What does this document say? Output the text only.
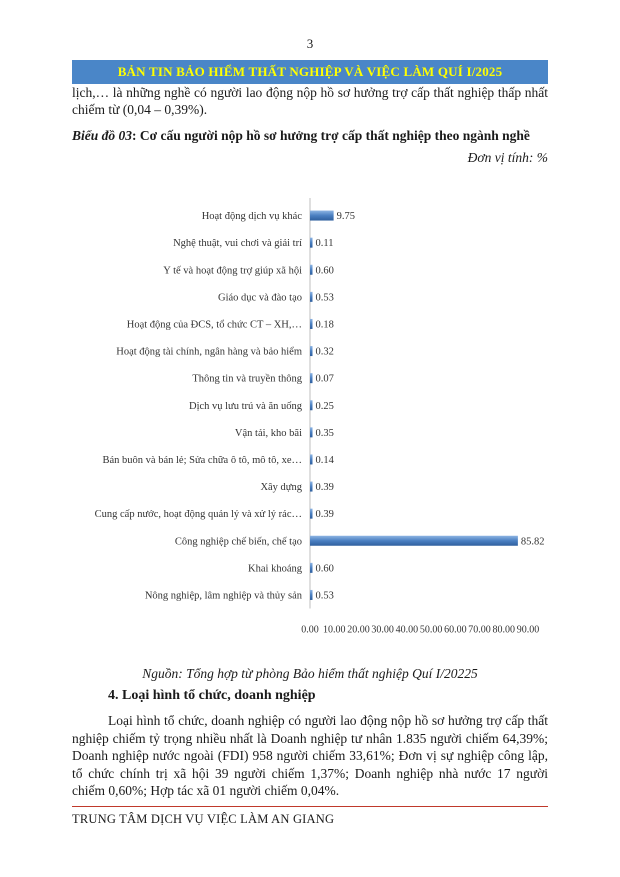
3
BẢN TIN BẢO HIỂM THẤT NGHIỆP VÀ VIỆC LÀM QUÍ I/2025
lịch,… là những nghề có người lao động nộp hồ sơ hưởng trợ cấp thất nghiệp thấp nhất chiếm từ (0,04 – 0,39%).
Biểu đồ 03: Cơ cấu người nộp hồ sơ hưởng trợ cấp thất nghiệp theo ngành nghề
Đơn vị tính: %
Hoạt động dịch vụ khác	9.75
Nghệ thuật, vui chơi và giải trí 0.11
Y tế và hoạt động trợ giúp xã hội 0.60
Giáo dục và đào tạo 0.53
Hoạt động của ĐCS, tổ chức CT – XH,… 0.18
Hoạt động tài chính, ngân hàng và bảo hiểm 0.32
Thông tin và truyền thông 0.07
Dịch vụ lưu trú và ăn uống 0.25
Vận tải, kho bãi 0.35
Bán buôn và bán lẻ; Sửa chữa ô tô, mô tô, xe… 0.14
Xây dựng 0.39
Cung cấp nước, hoạt động quản lý và xử lý rác… 0.39
Công nghiệp chế biến, chế tạo	85.82
Khai khoáng 0.60
Nông nghiệp, lâm nghiệp và thủy sản 0.53
0.00 10.00 20.00 30.00 40.00 50.00 60.00 70.00 80.00 90.00
Nguồn: Tổng hợp từ phòng Bảo hiểm thất nghiệp Quí I/20225
4. Loại hình tổ chức, doanh nghiệp

Loại hình tổ chức, doanh nghiệp có người lao động nộp hồ sơ hưởng trợ cấp thất nghiệp chiếm tỷ trọng nhiều nhất là Doanh nghiệp tư nhân 1.835 người chiếm 64,39%; Doanh nghiệp nước ngoài (FDI) 958 người chiếm 33,61%; Đơn vị sự nghiệp công lập, tổ chức chính trị xã hội 39 người chiếm 1,37%; Doanh nghiệp nhà nước 17 người chiếm 0,60%; Hợp tác xã 01 người chiếm 0,04%.

TRUNG TÂM DỊCH VỤ VIỆC LÀM AN GIANG
